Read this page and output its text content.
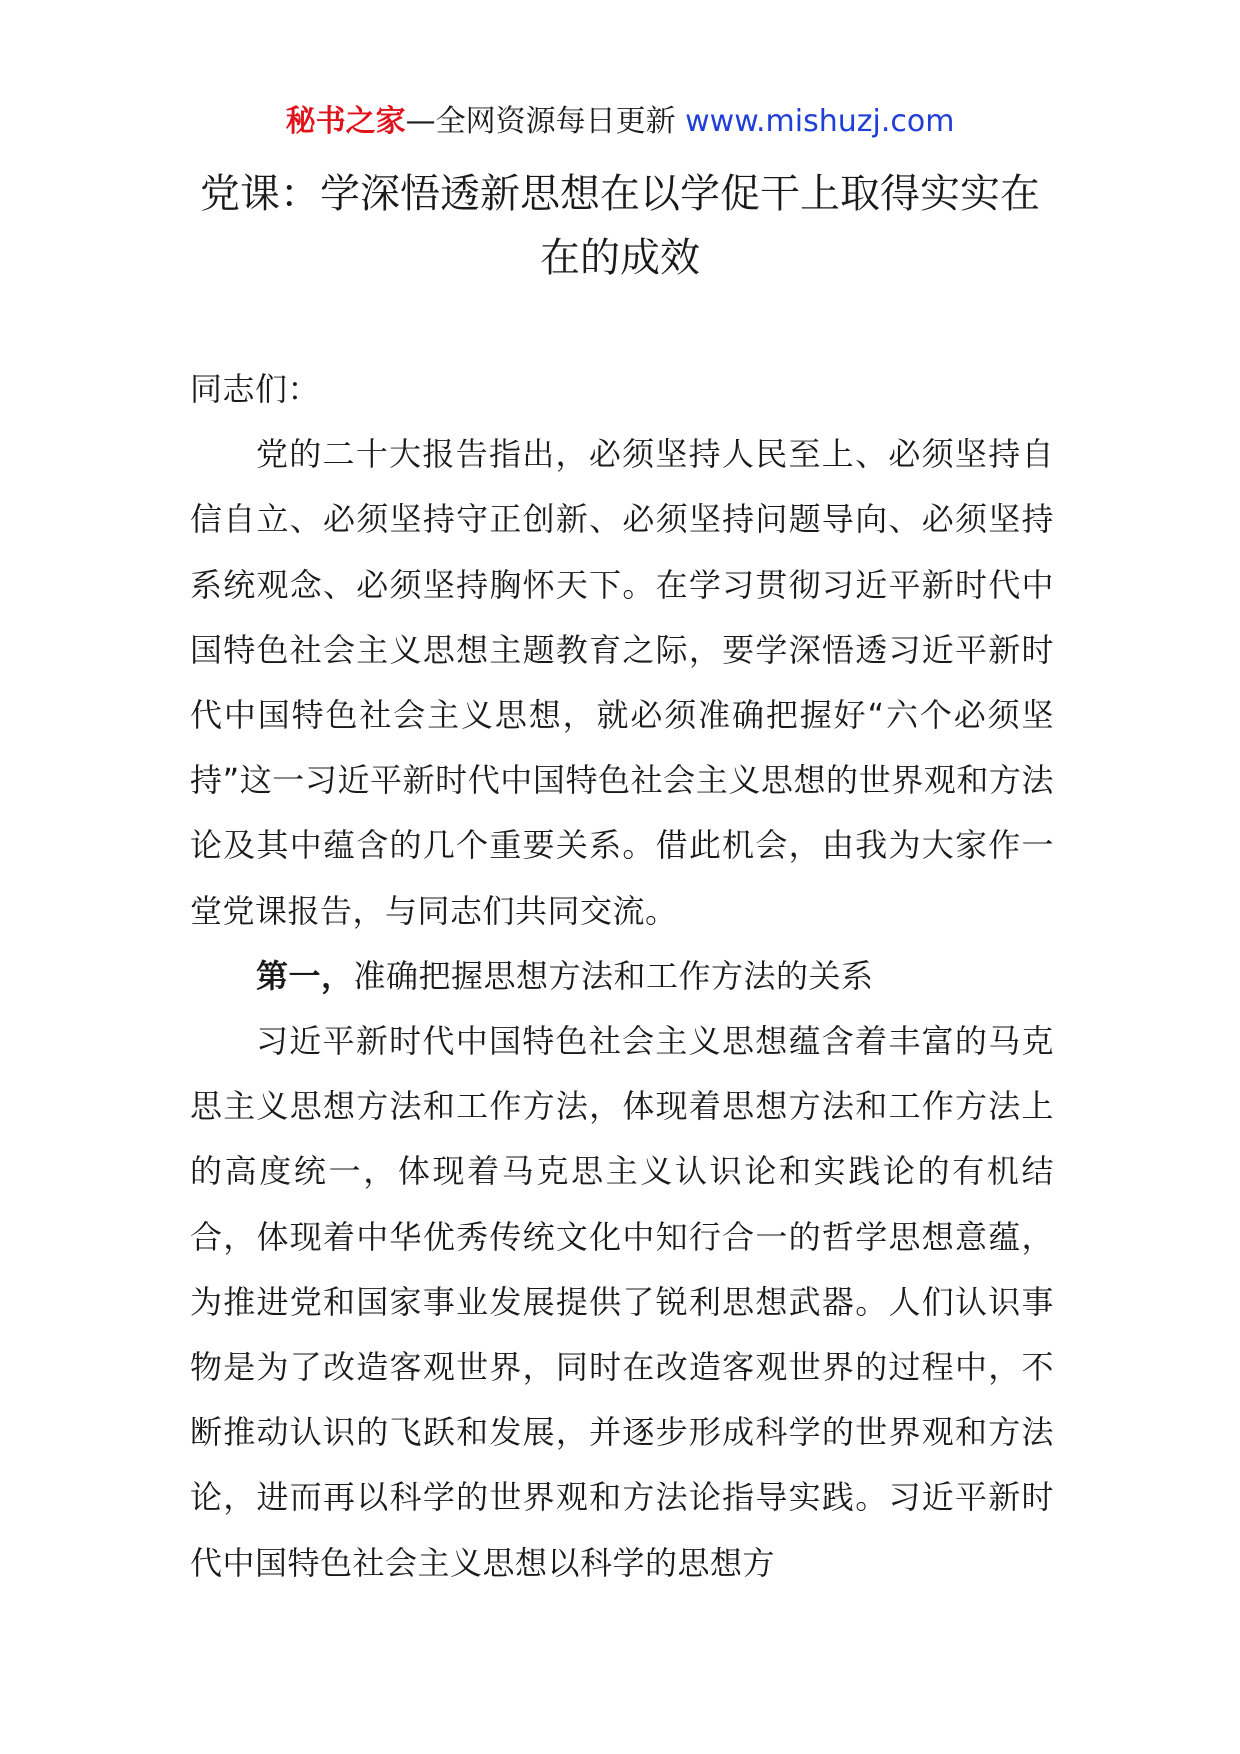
秘书之家—全网资源每日更新 www.mishuzj.com
党课：学深悟透新思想在以学促干上取得实实在在的成效

同志们：

党的二十大报告指出，必须坚持人民至上、必须坚持自信自立、必须坚持守正创新、必须坚持问题导向、必须坚持系统观念、必须坚持胸怀天下。在学习贯彻习近平新时代中国特色社会主义思想主题教育之际，要学深悟透习近平新时代中国特色社会主义思想，就必须准确把握好“六个必须坚持”这一习近平新时代中国特色社会主义思想的世界观和方法论及其中蕴含的几个重要关系。借此机会，由我为大家作一堂党课报告，与同志们共同交流。

第一，准确把握思想方法和工作方法的关系

习近平新时代中国特色社会主义思想蕴含着丰富的马克思主义思想方法和工作方法，体现着思想方法和工作方法上的高度统一，体现着马克思主义认识论和实践论的有机结合，体现着中华优秀传统文化中知行合一的哲学思想意蕴，为推进党和国家事业发展提供了锐利思想武器。人们认识事物是为了改造客观世界，同时在改造客观世界的过程中，不断推动认识的飞跃和发展，并逐步形成科学的世界观和方法论，进而再以科学的世界观和方法论指导实践。习近平新时代中国特色社会主义思想以科学的思想方
